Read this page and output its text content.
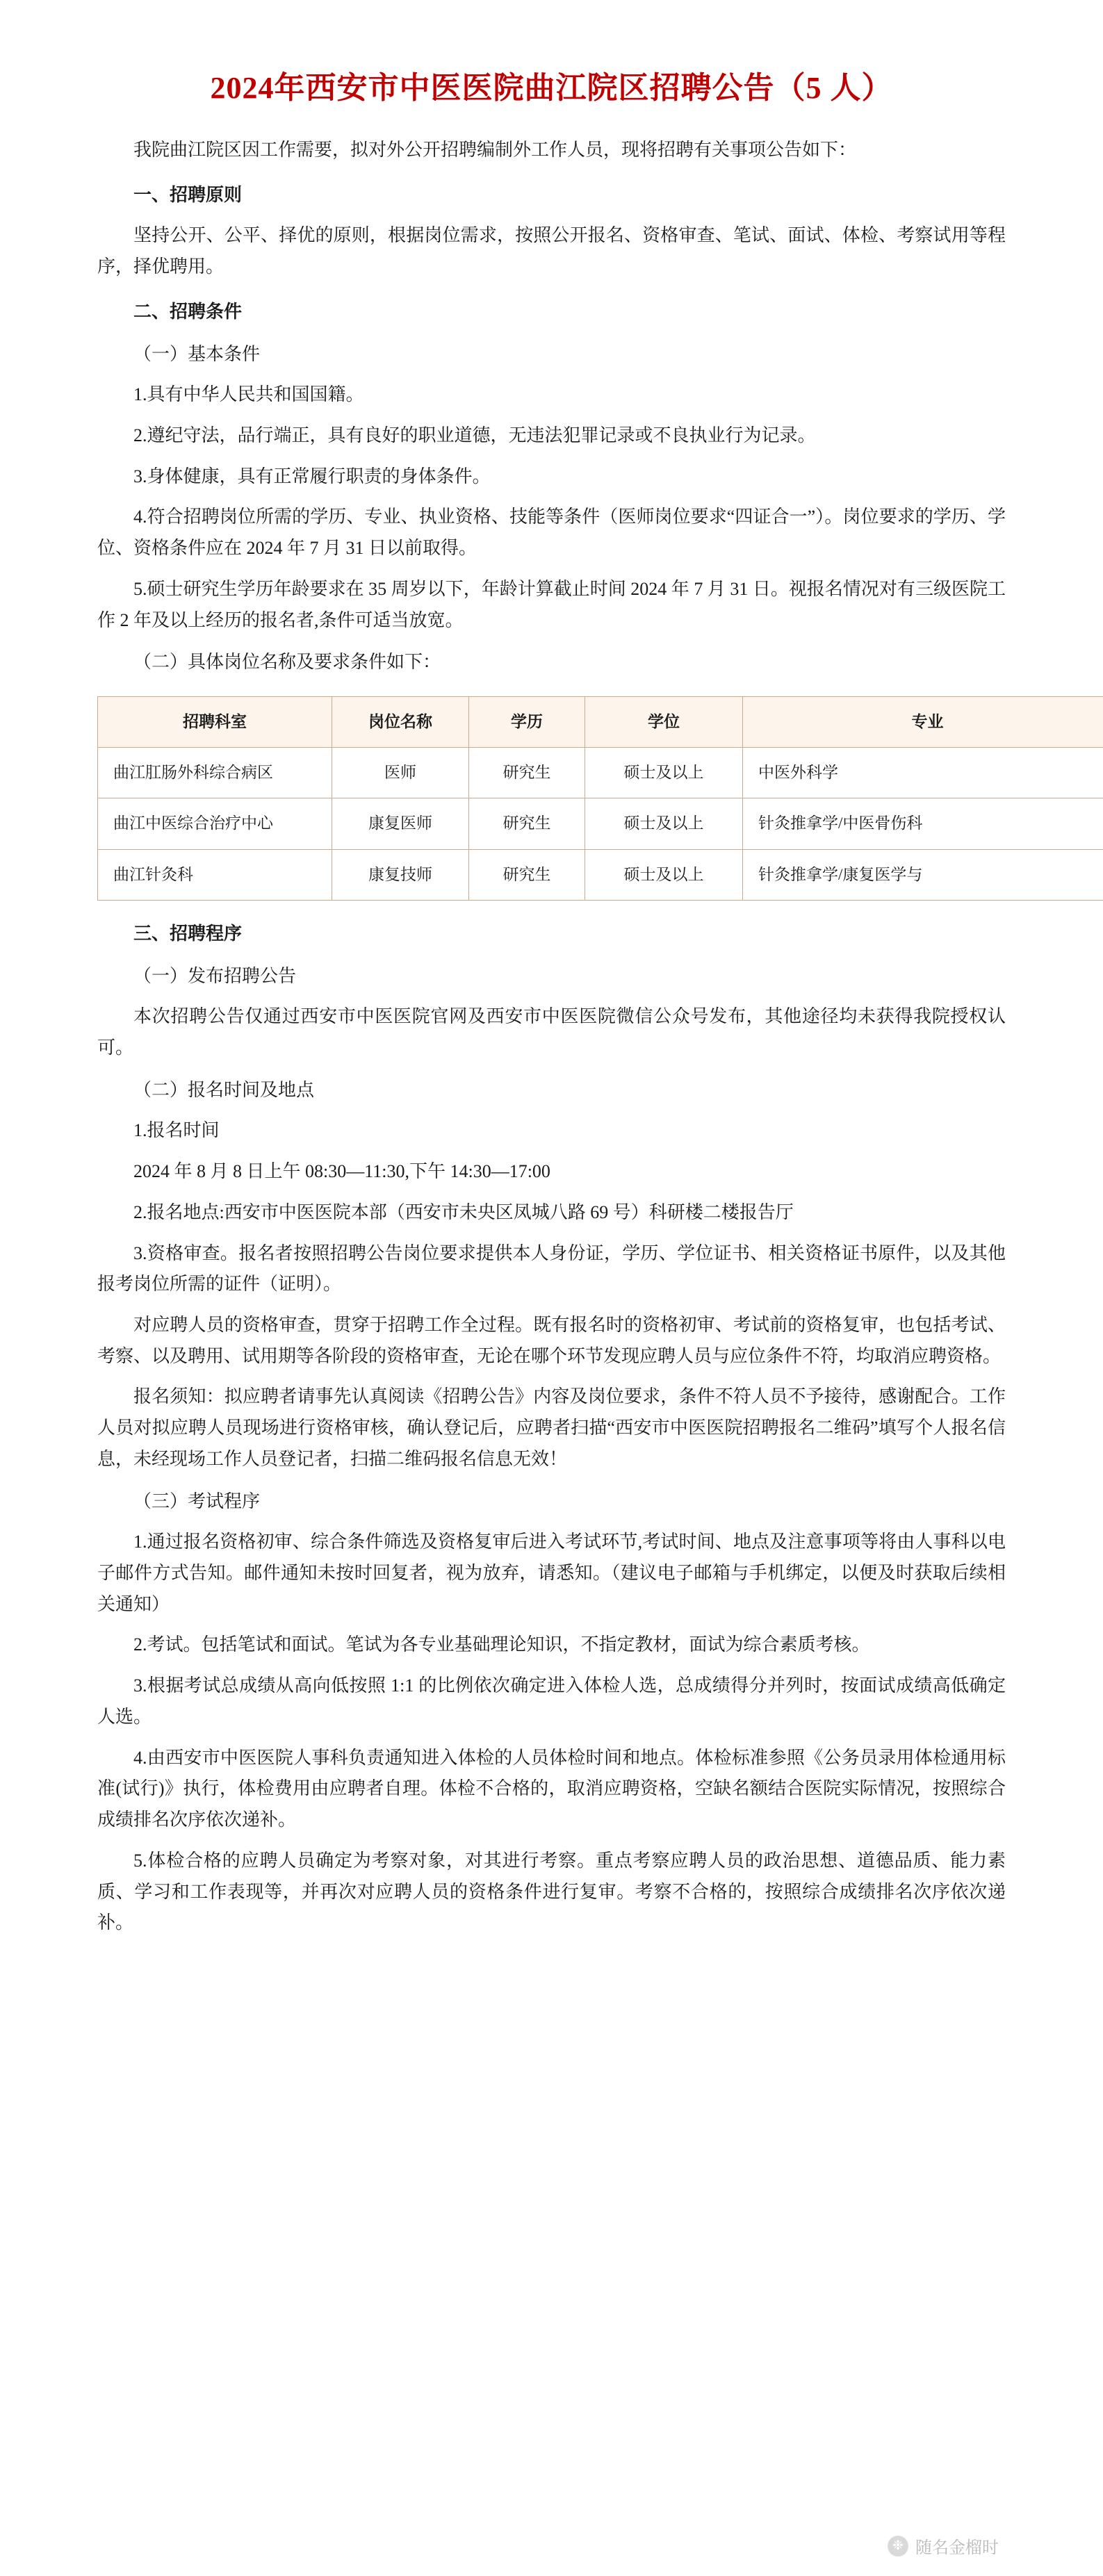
2024年西安市中医医院曲江院区招聘公告（5 人）

我院曲江院区因工作需要，拟对外公开招聘编制外工作人员，现将招聘有关事项公告如下：

一、招聘原则

坚持公开、公平、择优的原则，根据岗位需求，按照公开报名、资格审查、笔试、面试、体检、考察试用等程序，择优聘用。

二、招聘条件

（一）基本条件

1.具有中华人民共和国国籍。

2.遵纪守法，品行端正，具有良好的职业道德，无违法犯罪记录或不良执业行为记录。

3.身体健康，具有正常履行职责的身体条件。

4.符合招聘岗位所需的学历、专业、执业资格、技能等条件（医师岗位要求“四证合一”）。岗位要求的学历、学位、资格条件应在 2024 年 7 月 31 日以前取得。

5.硕士研究生学历年龄要求在 35 周岁以下，年龄计算截止时间 2024 年 7 月 31 日。视报名情况对有三级医院工作 2 年及以上经历的报名者,条件可适当放宽。

（二）具体岗位名称及要求条件如下：

招聘科室	岗位名称	学历	学位	专业
曲江肛肠外科综合病区	医师	研究生	硕士及以上	中医外科学
曲江中医综合治疗中心	康复医师	研究生	硕士及以上	针灸推拿学/中医骨伤科
曲江针灸科	康复技师	研究生	硕士及以上	针灸推拿学/康复医学与

三、招聘程序

（一）发布招聘公告

本次招聘公告仅通过西安市中医医院官网及西安市中医医院微信公众号发布，其他途径均未获得我院授权认可。

（二）报名时间及地点

1.报名时间

2024 年 8 月 8 日上午 08:30—11:30,下午 14:30—17:00

2.报名地点:西安市中医医院本部（西安市未央区凤城八路 69 号）科研楼二楼报告厅

3.资格审查。报名者按照招聘公告岗位要求提供本人身份证，学历、学位证书、相关资格证书原件，以及其他报考岗位所需的证件（证明）。

对应聘人员的资格审查，贯穿于招聘工作全过程。既有报名时的资格初审、考试前的资格复审，也包括考试、考察、以及聘用、试用期等各阶段的资格审查，无论在哪个环节发现应聘人员与应位条件不符，均取消应聘资格。

报名须知：拟应聘者请事先认真阅读《招聘公告》内容及岗位要求，条件不符人员不予接待，感谢配合。工作人员对拟应聘人员现场进行资格审核，确认登记后，应聘者扫描“西安市中医医院招聘报名二维码”填写个人报名信息，未经现场工作人员登记者，扫描二维码报名信息无效！

（三）考试程序

1.通过报名资格初审、综合条件筛选及资格复审后进入考试环节,考试时间、地点及注意事项等将由人事科以电子邮件方式告知。邮件通知未按时回复者，视为放弃，请悉知。（建议电子邮箱与手机绑定，以便及时获取后续相关通知）

2.考试。包括笔试和面试。笔试为各专业基础理论知识，不指定教材，面试为综合素质考核。

3.根据考试总成绩从高向低按照 1:1 的比例依次确定进入体检人选，总成绩得分并列时，按面试成绩高低确定人选。

4.由西安市中医医院人事科负责通知进入体检的人员体检时间和地点。体检标准参照《公务员录用体检通用标准(试行)》执行，体检费用由应聘者自理。体检不合格的，取消应聘资格，空缺名额结合医院实际情况，按照综合成绩排名次序依次递补。

5.体检合格的应聘人员确定为考察对象，对其进行考察。重点考察应聘人员的政治思想、道德品质、能力素质、学习和工作表现等，并再次对应聘人员的资格条件进行复审。考察不合格的，按照综合成绩排名次序依次递补。

❉ 随名金榴时
